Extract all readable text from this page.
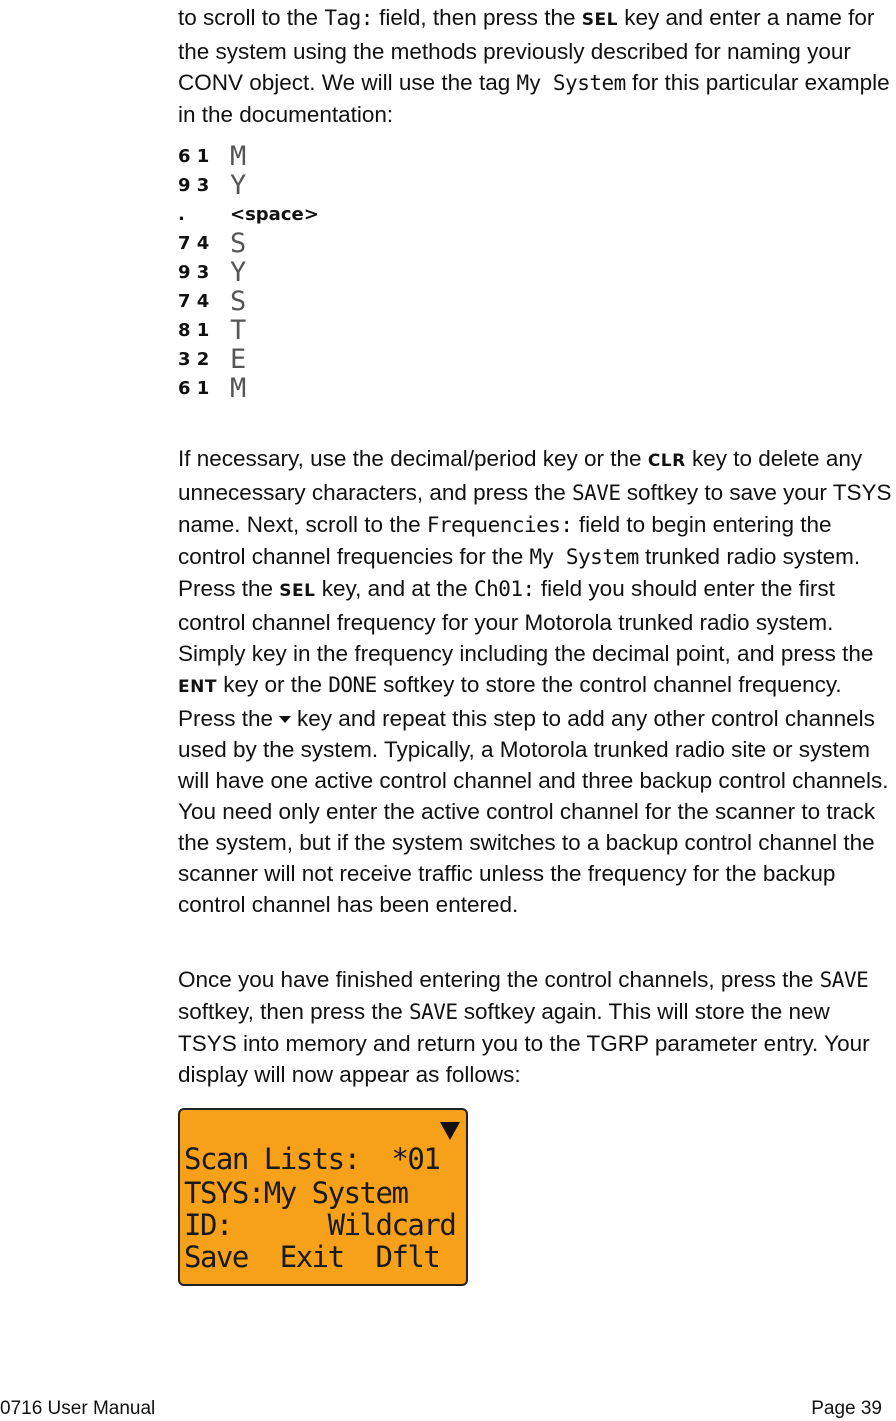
to scroll to the Tag: field, then press the SEL key and enter a name for the system using the methods previously described for naming your CONV object. We will use the tag My System for this particular example in the documentation:
6 1 M
9 3 Y
.	<space>
7 4 S
9 3 Y
7 4 S
8 1 T
3 2 E
6 1 M
If necessary, use the decimal/period key or the CLR key to delete any unnecessary characters, and press the SAVE softkey to save your TSYS name. Next, scroll to the Frequencies: field to begin entering the control channel frequencies for the My System trunked radio system. Press the SEL key, and at the Ch01: field you should enter the first control channel frequency for your Motorola trunked radio system. Simply key in the frequency including the decimal point, and press the ENT key or the DONE softkey to store the control channel frequency. Press the key and repeat this step to add any other control channels used by the system. Typically, a Motorola trunked radio site or system will have one active control channel and three backup control channels. You need only enter the active control channel for the scanner to track the system, but if the system switches to a backup control channel the scanner will not receive traffic unless the frequency for the backup control channel has been entered.
Once you have finished entering the control channels, press the SAVE softkey, then press the SAVE softkey again. This will store the new TSYS into memory and return you to the TGRP parameter entry. Your display will now appear as follows:
Scan Lists:  *01
TSYS:My System
ID:      Wildcard
Save  Exit  Dflt
0716 User Manual	Page 39
